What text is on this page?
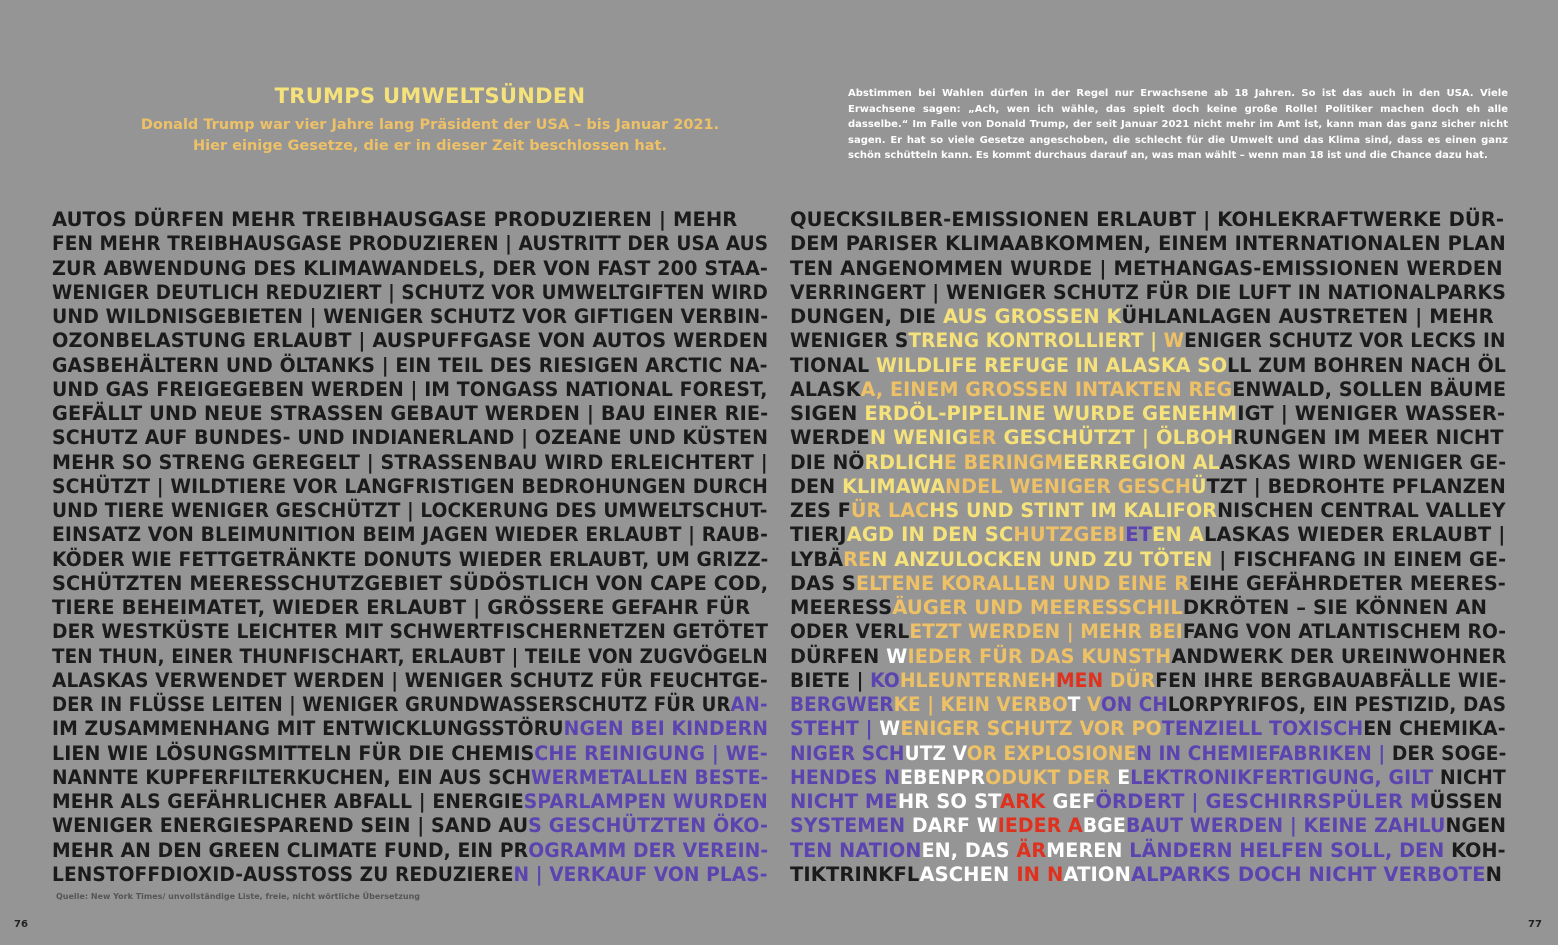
TRUMPS UMWELTSÜNDEN
Donald Trump war vier Jahre lang Präsident der USA – bis Januar 2021.
Hier einige Gesetze, die er in dieser Zeit beschlossen hat.
Abstimmen bei Wahlen dürfen in der Regel nur Erwachsene ab 18 Jahren. So ist das auch in den USA. Viele Erwachsene sagen: „Ach, wen ich wähle, das spielt doch keine große Rolle! Politiker machen doch eh alle dasselbe.“ Im Falle von Donald Trump, der seit Januar 2021 nicht mehr im Amt ist, kann man das ganz sicher nicht sagen. Er hat so viele Gesetze angeschoben, die schlecht für die Umwelt und das Klima sind, dass es einen ganz schön schütteln kann. Es kommt durchaus darauf an, was man wählt – wenn man 18 ist und die Chance dazu hat.
AUTOS DÜRFEN MEHR TREIBHAUSGASE PRODUZIEREN | MEHR
FEN MEHR TREIBHAUSGASE PRODUZIEREN | AUSTRITT DER USA AUS
ZUR ABWENDUNG DES KLIMAWANDELS, DER VON FAST 200 STAA-
WENIGER DEUTLICH REDUZIERT | SCHUTZ VOR UMWELTGIFTEN WIRD
UND WILDNISGEBIETEN | WENIGER SCHUTZ VOR GIFTIGEN VERBIN-
OZONBELASTUNG ERLAUBT | AUSPUFFGASE VON AUTOS WERDEN
GASBEHÄLTERN UND ÖLTANKS | EIN TEIL DES RIESIGEN ARCTIC NA-
UND GAS FREIGEGEBEN WERDEN | IM TONGASS NATIONAL FOREST,
GEFÄLLT UND NEUE STRASSEN GEBAUT WERDEN | BAU EINER RIE-
SCHUTZ AUF BUNDES- UND INDIANERLAND | OZEANE UND KÜSTEN
MEHR SO STRENG GEREGELT | STRASSENBAU WIRD ERLEICHTERT |
SCHÜTZT | WILDTIERE VOR LANGFRISTIGEN BEDROHUNGEN DURCH
UND TIERE WENIGER GESCHÜTZT | LOCKERUNG DES UMWELTSCHUT-
EINSATZ VON BLEIMUNITION BEIM JAGEN WIEDER ERLAUBT | RAUB-
KÖDER WIE FETTGETRÄNKTE DONUTS WIEDER ERLAUBT, UM GRIZZ-
SCHÜTZTEN MEERESSCHUTZGEBIET SÜDÖSTLICH VON CAPE COD,
TIERE BEHEIMATET, WIEDER ERLAUBT | GRÖSSERE GEFAHR FÜR
DER WESTKÜSTE LEICHTER MIT SCHWERTFISCHERNETZEN GETÖTET
TEN THUN, EINER THUNFISCHART, ERLAUBT | TEILE VON ZUGVÖGELN
ALASKAS VERWENDET WERDEN | WENIGER SCHUTZ FÜR FEUCHTGE-
DER IN FLÜSSE LEITEN | WENIGER GRUNDWASSERSCHUTZ FÜR URAN-
IM ZUSAMMENHANG MIT ENTWICKLUNGSSTÖRUNGEN BEI KINDERN
LIEN WIE LÖSUNGSMITTELN FÜR DIE CHEMISCHE REINIGUNG | WE-
NANNTE KUPFERFILTERKUCHEN, EIN AUS SCHWERMETALLEN BESTE-
MEHR ALS GEFÄHRLICHER ABFALL | ENERGIESPARLAMPEN WURDEN
WENIGER ENERGIESPAREND SEIN | SAND AUS GESCHÜTZTEN ÖKO-
MEHR AN DEN GREEN CLIMATE FUND, EIN PROGRAMM DER VEREIN-
LENSTOFFDIOXID-AUSSTOSS ZU REDUZIEREN | VERKAUF VON PLAS-
QUECKSILBER-EMISSIONEN ERLAUBT | KOHLEKRAFTWERKE DÜR-
DEM PARISER KLIMAABKOMMEN, EINEM INTERNATIONALEN PLAN
TEN ANGENOMMEN WURDE | METHANGAS-EMISSIONEN WERDEN
VERRINGERT | WENIGER SCHUTZ FÜR DIE LUFT IN NATIONALPARKS
DUNGEN, DIE AUS GROSSEN KÜHLANLAGEN AUSTRETEN | MEHR
WENIGER STRENG KONTROLLIERT | WENIGER SCHUTZ VOR LECKS IN
TIONAL WILDLIFE REFUGE IN ALASKA SOLL ZUM BOHREN NACH ÖL
ALASKA, EINEM GROSSEN INTAKTEN REGENWALD, SOLLEN BÄUME
SIGEN ERDÖL-PIPELINE WURDE GENEHMIGT | WENIGER WASSER-
WERDEN WENIGER GESCHÜTZT | ÖLBOHRUNGEN IM MEER NICHT
DIE NÖRDLICHE BERINGMEERREGION ALASKAS WIRD WENIGER GE-
DEN KLIMAWANDEL WENIGER GESCHÜTZT | BEDROHTE PFLANZEN
ZES FÜR LACHS UND STINT IM KALIFORNISCHEN CENTRAL VALLEY
TIERJAGD IN DEN SCHUTZGEBIETEN ALASKAS WIEDER ERLAUBT |
LYBÄREN ANZULOCKEN UND ZU TÖTEN | FISCHFANG IN EINEM GE-
DAS SELTENE KORALLEN UND EINE REIHE GEFÄHRDETER MEERES-
MEERESSÄUGER UND MEERESSCHILDKRÖTEN – SIE KÖNNEN AN
ODER VERLETZT WERDEN | MEHR BEIFANG VON ATLANTISCHEM RO-
DÜRFEN WIEDER FÜR DAS KUNSTHANDWERK DER UREINWOHNER
BIETE | KOHLEUNTERNEHMEN DÜRFEN IHRE BERGBAUABFÄLLE WIE-
BERGWERKE | KEIN VERBOT VON CHLORPYRIFOS, EIN PESTIZID, DAS
STEHT | WENIGER SCHUTZ VOR POTENZIELL TOXISCHEN CHEMIKA-
NIGER SCHUTZ VOR EXPLOSIONEN IN CHEMIEFABRIKEN | DER SOGE-
HENDES NEBENPRODUKT DER ELEKTRONIKFERTIGUNG, GILT NICHT
NICHT MEHR SO STARK GEFÖRDERT | GESCHIRRSPÜLER MÜSSEN
SYSTEMEN DARF WIEDER ABGEBAUT WERDEN | KEINE ZAHLUNGEN
TEN NATIONEN, DAS ÄRMEREN LÄNDERN HELFEN SOLL, DEN KOH-
TIKTRINKFLASCHEN IN NATIONALPARKS DOCH NICHT VERBOTEN
Quelle: New York Times/ unvollständige Liste, freie, nicht wörtliche Übersetzung
76	77
